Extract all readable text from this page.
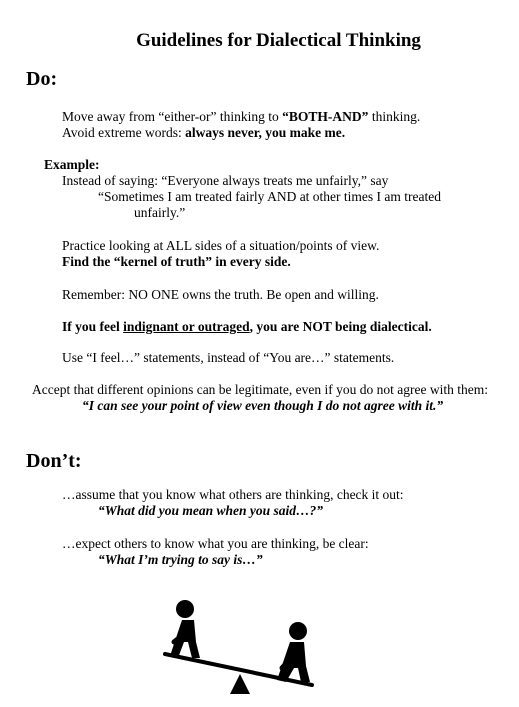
Guidelines for Dialectical Thinking
Do:
Move away from “either-or” thinking to “BOTH-AND” thinking.
Avoid extreme words: always never, you make me.
Example:
Instead of saying: “Everyone always treats me unfairly,” say
“Sometimes I am treated fairly AND at other times I am treated
unfairly.”
Practice looking at ALL sides of a situation/points of view.
Find the “kernel of truth” in every side.
Remember: NO ONE owns the truth. Be open and willing.
If you feel indignant or outraged, you are NOT being dialectical.
Use “I feel…” statements, instead of “You are…” statements.
Accept that different opinions can be legitimate, even if you do not agree with them:
“I can see your point of view even though I do not agree with it.”
Don’t:
…assume that you know what others are thinking, check it out:
“What did you mean when you said…?”
…expect others to know what you are thinking, be clear:
“What I’m trying to say is…”
